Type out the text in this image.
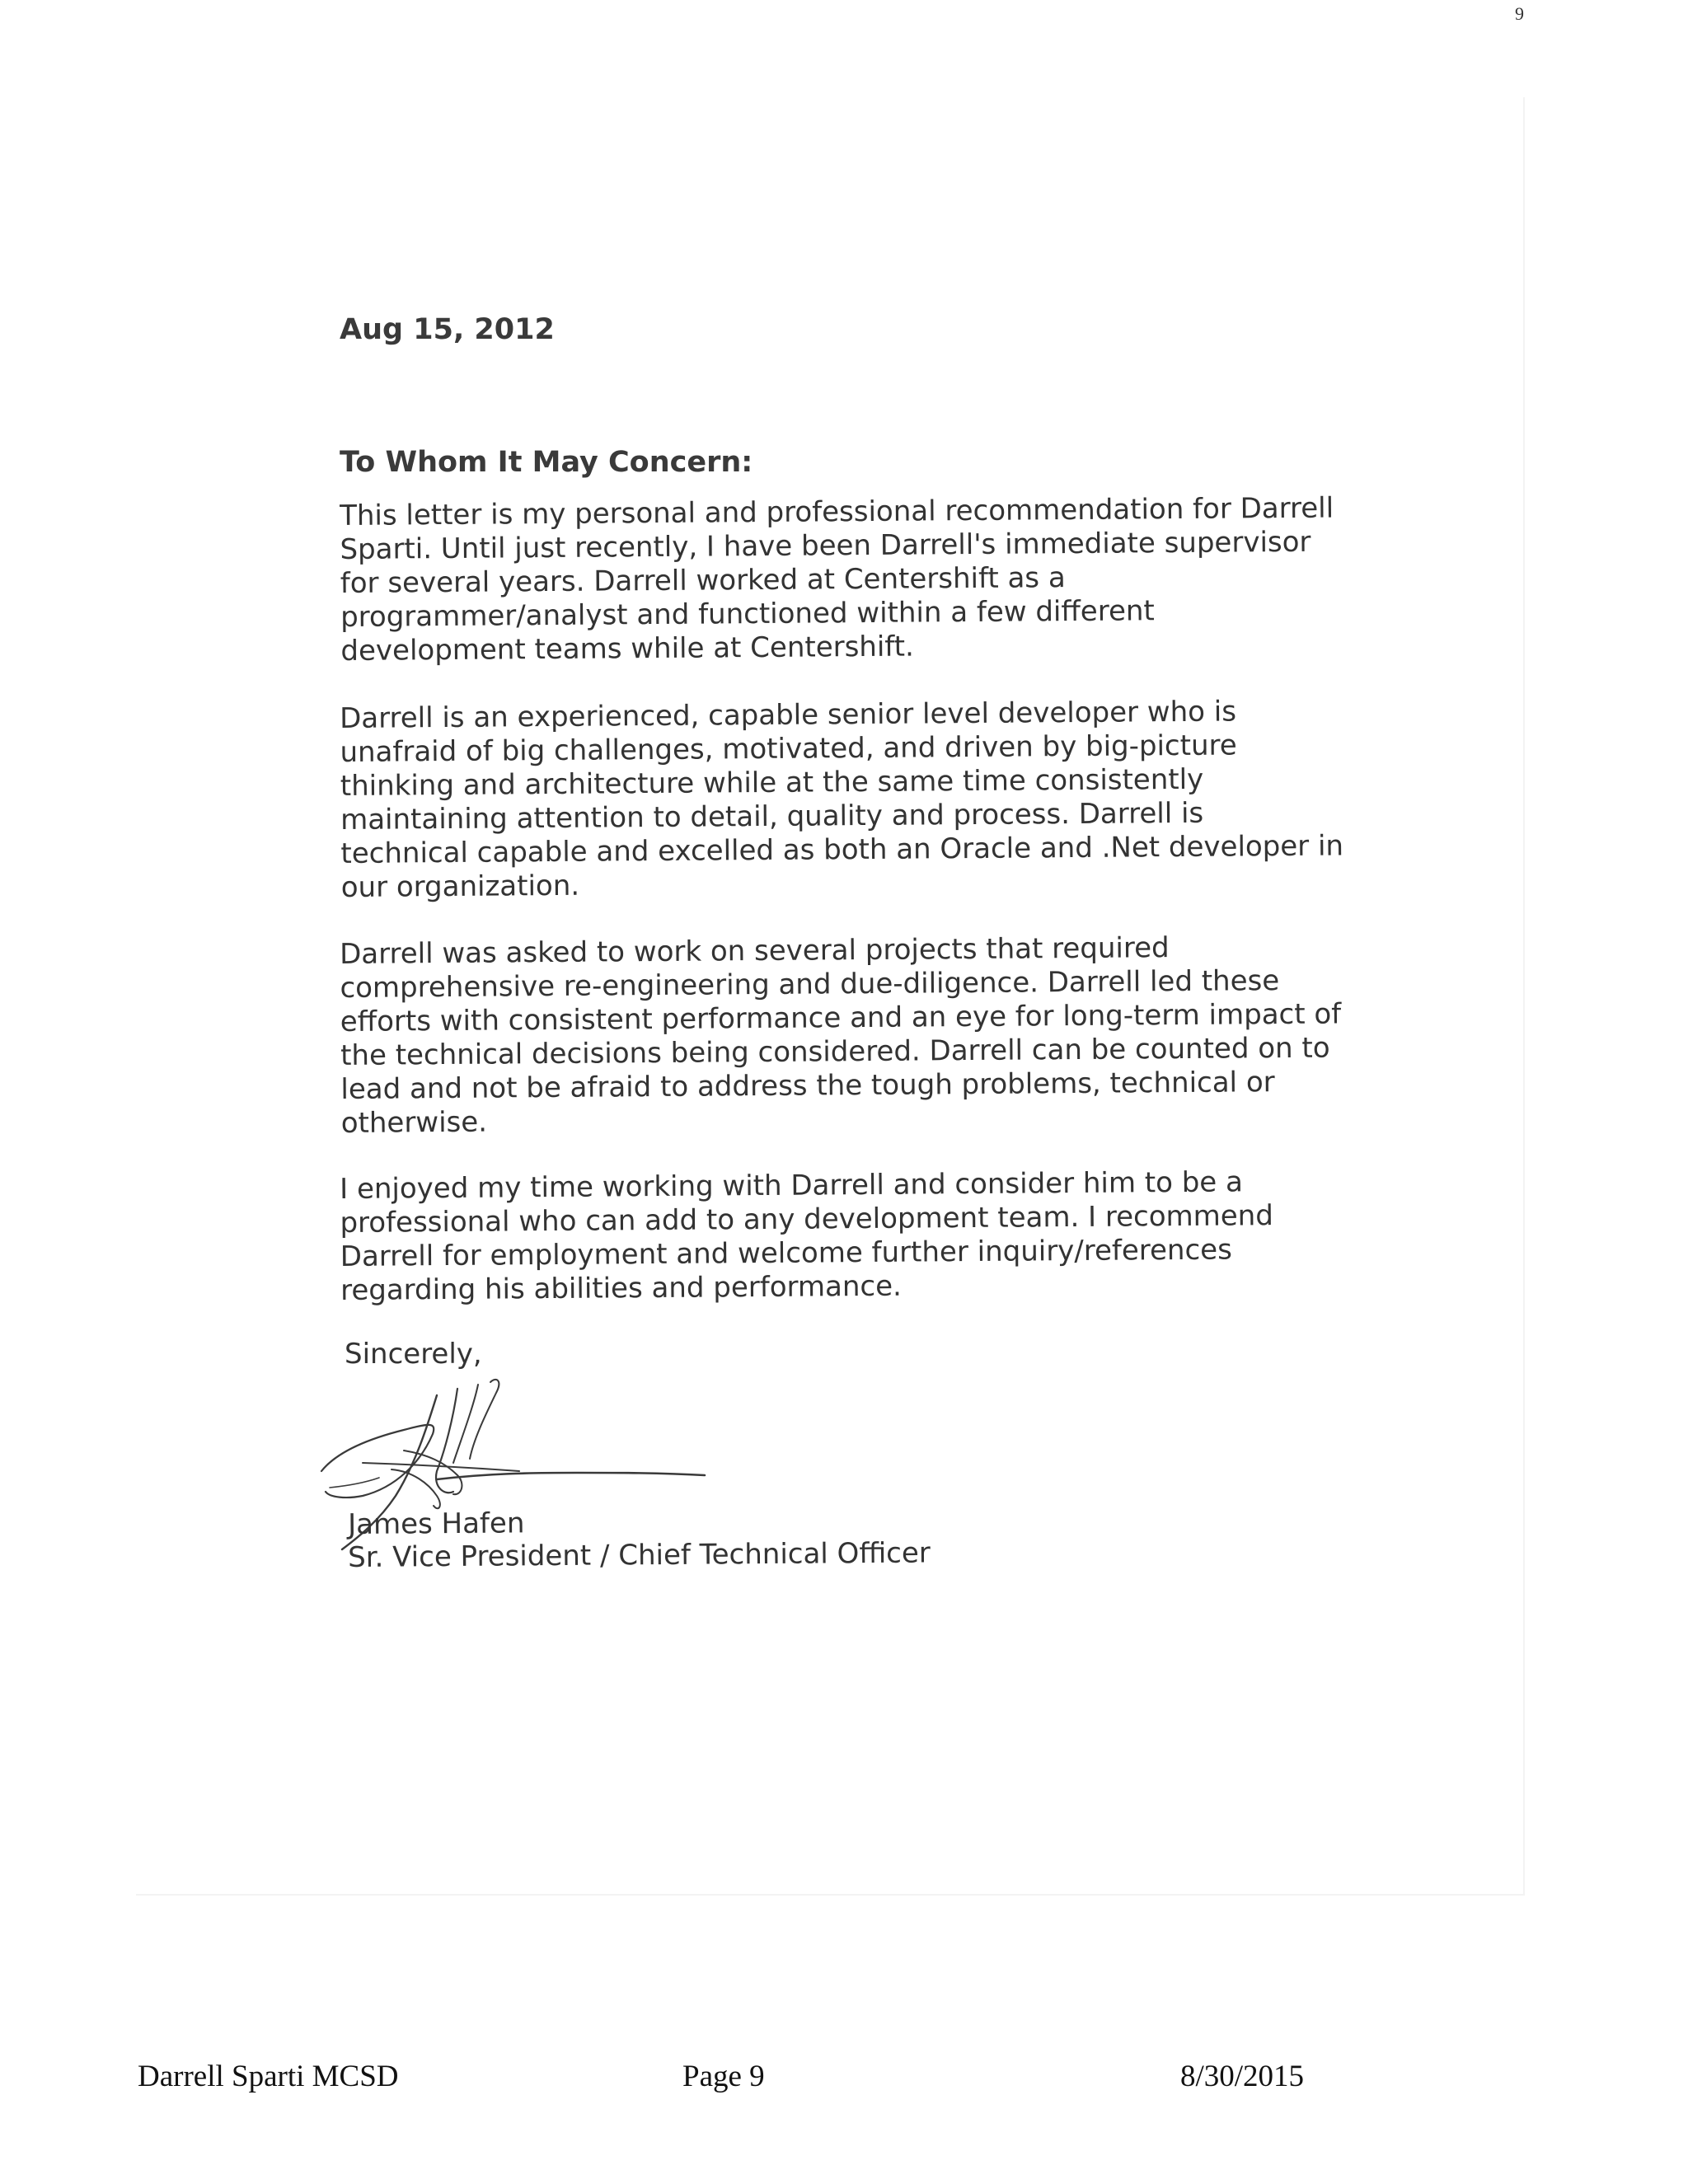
9
Aug 15, 2012
To Whom It May Concern:
This letter is my personal and professional recommendation for Darrell
Sparti. Until just recently, I have been Darrell's immediate supervisor
for several years. Darrell worked at Centershift as a
programmer/analyst and functioned within a few different
development teams while at Centershift.
Darrell is an experienced, capable senior level developer who is
unafraid of big challenges, motivated, and driven by big-picture
thinking and architecture while at the same time consistently
maintaining attention to detail, quality and process. Darrell is
technical capable and excelled as both an Oracle and .Net developer in
our organization.
Darrell was asked to work on several projects that required
comprehensive re-engineering and due-diligence. Darrell led these
efforts with consistent performance and an eye for long-term impact of
the technical decisions being considered. Darrell can be counted on to
lead and not be afraid to address the tough problems, technical or
otherwise.
I enjoyed my time working with Darrell and consider him to be a
professional who can add to any development team. I recommend
Darrell for employment and welcome further inquiry/references
regarding his abilities and performance.
Sincerely,
James Hafen
Sr. Vice President / Chief Technical Officer
Darrell Sparti MCSD	Page 9	8/30/2015
